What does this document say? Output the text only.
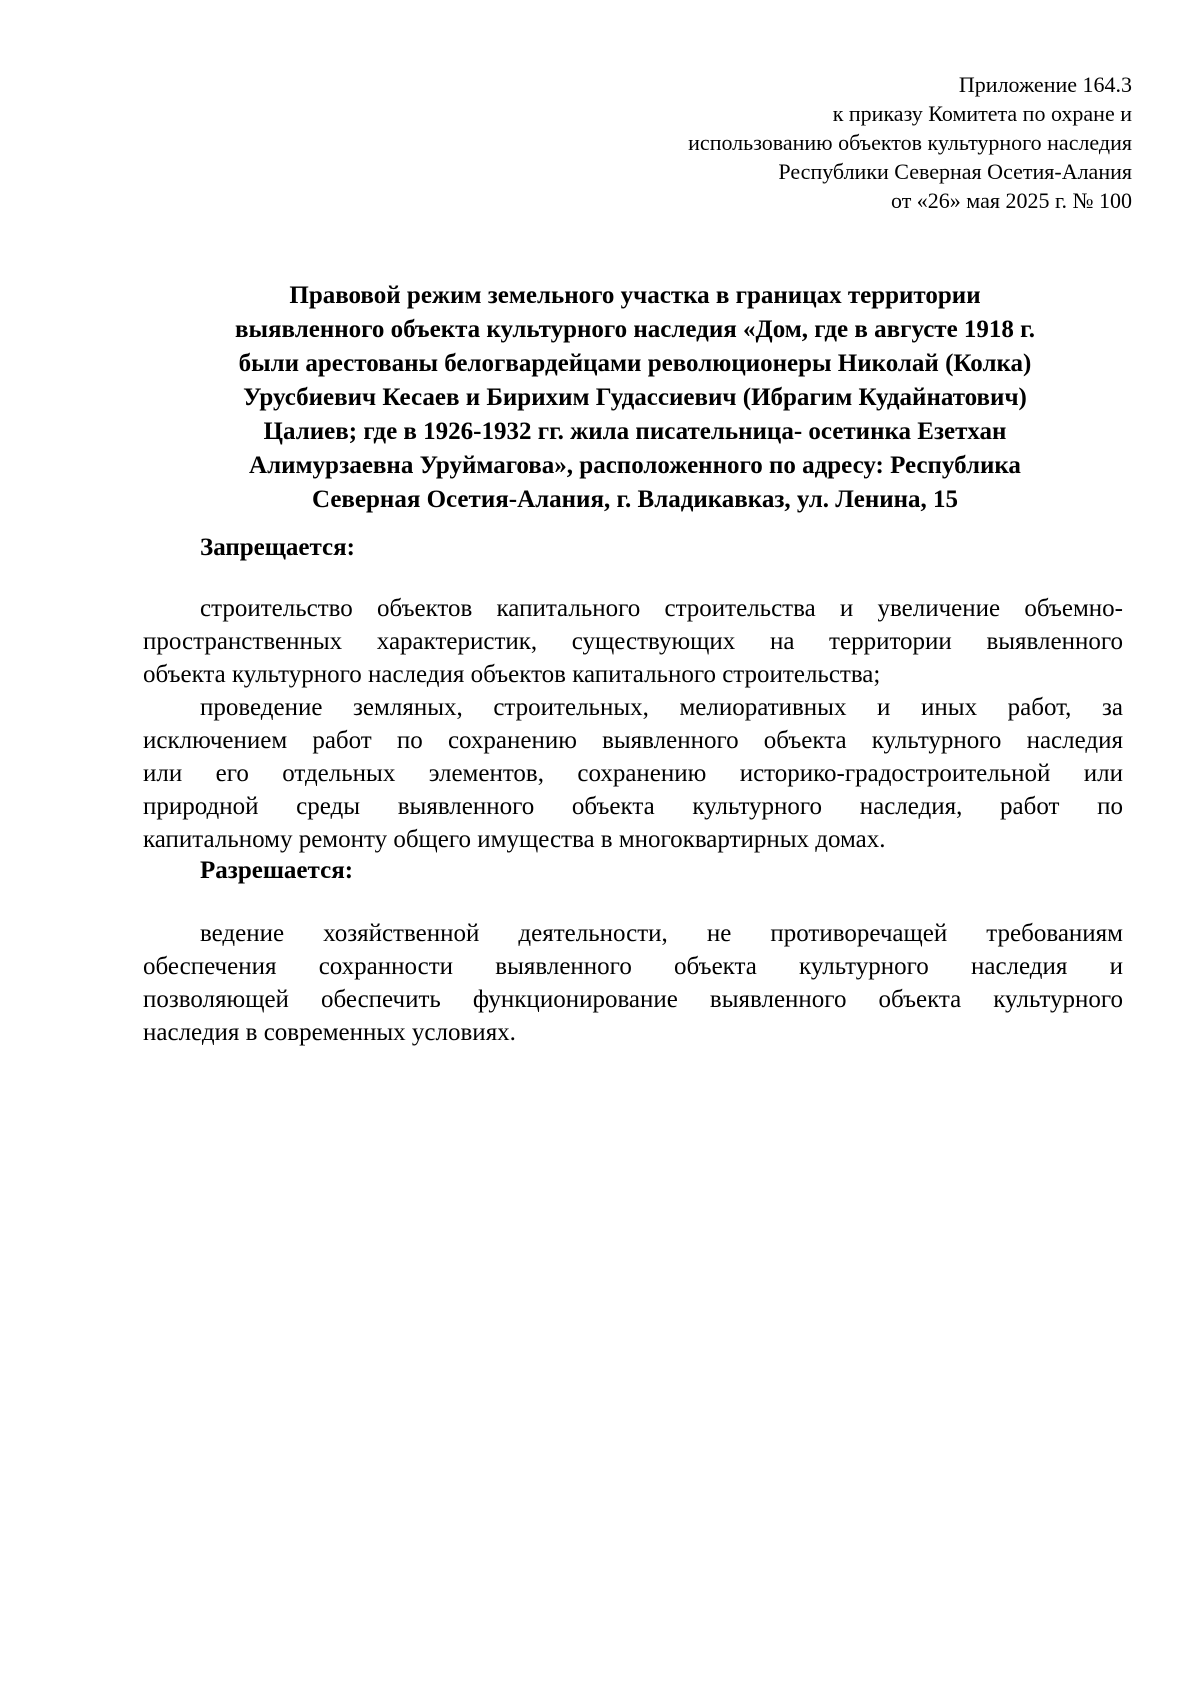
Приложение 164.3
к приказу Комитета по охране и
использованию объектов культурного наследия
Республики Северная Осетия-Алания
от «26» мая 2025 г. № 100
Правовой режим земельного участка в границах территории
выявленного объекта культурного наследия «Дом, где в августе 1918 г.
были арестованы белогвардейцами революционеры Николай (Колка)
Урусбиевич Кесаев и Бирихим Гудассиевич (Ибрагим Кудайнатович)
Цалиев; где в 1926-1932 гг. жила писательница- осетинка Езетхан
Алимурзаевна Уруймагова», расположенного по адресу: Республика
Северная Осетия-Алания, г. Владикавказ, ул. Ленина, 15
Запрещается:
строительство объектов капитального строительства и увеличение объемно-
пространственных характеристик, существующих на территории выявленного
объекта культурного наследия объектов капитального строительства;
проведение земляных, строительных, мелиоративных и иных работ, за
исключением работ по сохранению выявленного объекта культурного наследия
или его отдельных элементов, сохранению историко-градостроительной или
природной среды выявленного объекта культурного наследия, работ по
капитальному ремонту общего имущества в многоквартирных домах.
Разрешается:
ведение хозяйственной деятельности, не противоречащей требованиям
обеспечения сохранности выявленного объекта культурного наследия и
позволяющей обеспечить функционирование выявленного объекта культурного
наследия в современных условиях.
